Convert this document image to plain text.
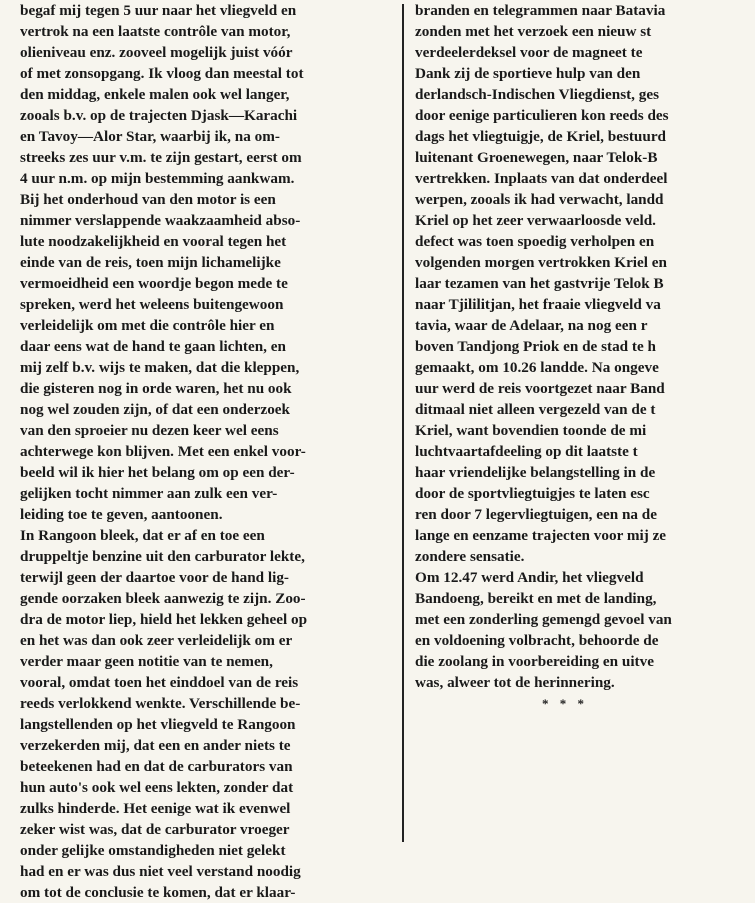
begaf mij tegen 5 uur naar het vliegveld en
vertrok na een laatste contrôle van motor,
olieniveau enz. zooveel mogelijk juist vóór
of met zonsopgang. Ik vloog dan meestal tot
den middag, enkele malen ook wel langer,
zooals b.v. op de trajecten Djask—Karachi
en Tavoy—Alor Star, waarbij ik, na om-
streeks zes uur v.m. te zijn gestart, eerst om
4 uur n.m. op mijn bestemming aankwam.
Bij het onderhoud van den motor is een
nimmer verslappende waakzaamheid abso-
lute noodzakelijkheid en vooral tegen het
einde van de reis, toen mijn lichamelijke
vermoeidheid een woordje begon mede te
spreken, werd het weleens buitengewoon
verleidelijk om met die contrôle hier en
daar eens wat de hand te gaan lichten, en
mij zelf b.v. wijs te maken, dat die kleppen,
die gisteren nog in orde waren, het nu ook
nog wel zouden zijn, of dat een onderzoek
van den sproeier nu dezen keer wel eens
achterwege kon blijven. Met een enkel voor-
beeld wil ik hier het belang om op een der-
gelijken tocht nimmer aan zulk een ver-
leiding toe te geven, aantoonen.
In Rangoon bleek, dat er af en toe een
druppeltje benzine uit den carburator lekte,
terwijl geen der daartoe voor de hand lig-
gende oorzaken bleek aanwezig te zijn. Zoo-
dra de motor liep, hield het lekken geheel op
en het was dan ook zeer verleidelijk om er
verder maar geen notitie van te nemen,
vooral, omdat toen het einddoel van de reis
reeds verlokkend wenkte. Verschillende be-
langstellenden op het vliegveld te Rangoon
verzekerden mij, dat een en ander niets te
beteekenen had en dat de carburators van
hun auto's ook wel eens lekten, zonder dat
zulks hinderde. Het eenige wat ik evenwel
zeker wist was, dat de carburator vroeger
onder gelijke omstandigheden niet gelekt
had en er was dus niet veel verstand noodig
om tot de conclusie te komen, dat er klaar-
branden en telegrammen naar Batavia
zonden met het verzoek een nieuw st
verdeelerdeksel voor de magneet te
Dank zij de sportieve hulp van den
derlandsch-Indischen Vliegdienst, ges
door eenige particulieren kon reeds des
dags het vliegtuigje, de Kriel, bestuurd
luitenant Groenewegen, naar Telok-B
vertrekken. Inplaats van dat onderdeel
werpen, zooals ik had verwacht, landd
Kriel op het zeer verwaarloosde veld.
defect was toen spoedig verholpen en
volgenden morgen vertrokken Kriel en
laar tezamen van het gastvrije Telok B
naar Tjililitjan, het fraaie vliegveld va
tavia, waar de Adelaar, na nog een r
boven Tandjong Priok en de stad te h
gemaakt, om 10.26 landde. Na ongeve
uur werd de reis voortgezet naar Band
ditmaal niet alleen vergezeld van de t
Kriel, want bovendien toonde de mi
luchtvaartafdeeling op dit laatste t
haar vriendelijke belangstelling in de
door de sportvliegtuigjes te laten esc
ren door 7 legervliegtuigen, een na de
lange en eenzame trajecten voor mij ze
zondere sensatie.
Om 12.47 werd Andir, het vliegveld
Bandoeng, bereikt en met de landing,
met een zonderling gemengd gevoel van
en voldoening volbracht, behoorde de
die zoolang in voorbereiding en uitve
was, alweer tot de herinnering.
* * *
